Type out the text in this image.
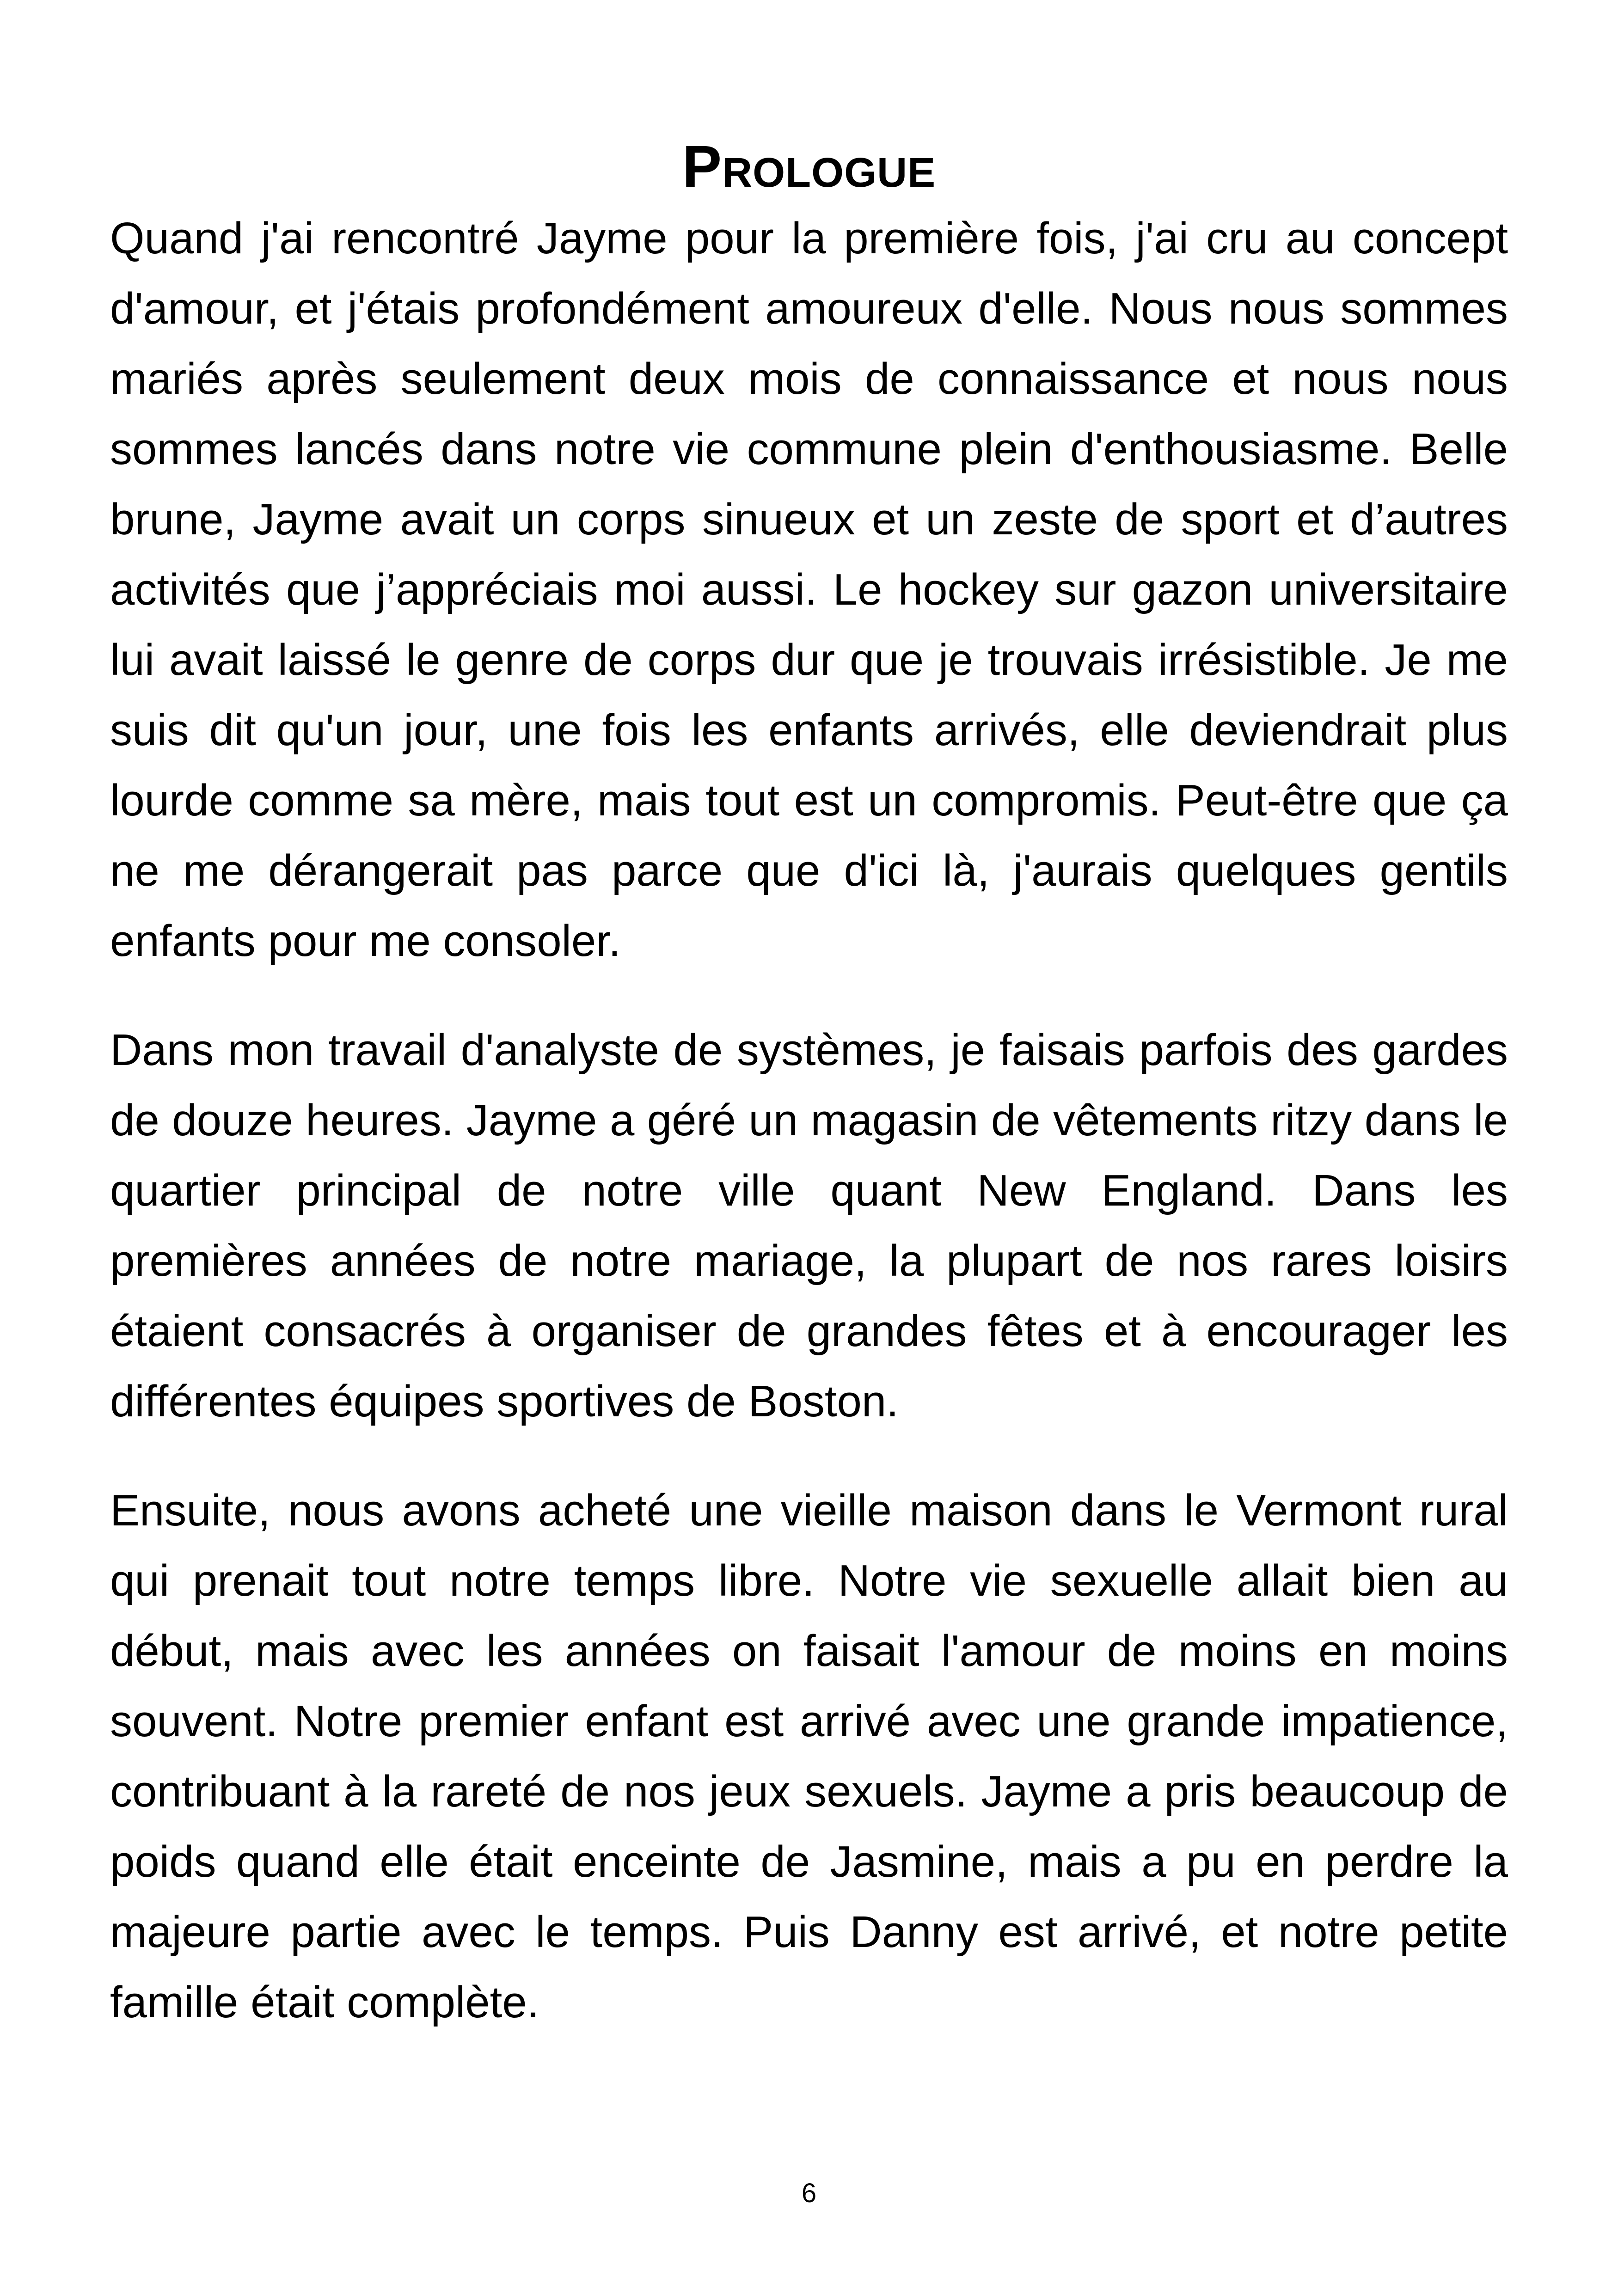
Prologue

Quand j'ai rencontré Jayme pour la première fois, j'ai cru au concept d'amour, et j'étais profondément amoureux d'elle. Nous nous sommes mariés après seulement deux mois de connaissance et nous nous sommes lancés dans notre vie commune plein d'enthousiasme. Belle brune, Jayme avait un corps sinueux et un zeste de sport et d’autres activités que j’appréciais moi aussi. Le hockey sur gazon universitaire lui avait laissé le genre de corps dur que je trouvais irrésistible. Je me suis dit qu'un jour, une fois les enfants arrivés, elle deviendrait plus lourde comme sa mère, mais tout est un compromis. Peut-être que ça ne me dérangerait pas parce que d'ici là, j'aurais quelques gentils enfants pour me consoler.

Dans mon travail d'analyste de systèmes, je faisais parfois des gardes de douze heures. Jayme a géré un magasin de vêtements ritzy dans le quartier principal de notre ville quant New England. Dans les premières années de notre mariage, la plupart de nos rares loisirs étaient consacrés à organiser de grandes fêtes et à encourager les différentes équipes sportives de Boston.

Ensuite, nous avons acheté une vieille maison dans le Vermont rural qui prenait tout notre temps libre. Notre vie sexuelle allait bien au début, mais avec les années on faisait l'amour de moins en moins souvent. Notre premier enfant est arrivé avec une grande impatience, contribuant à la rareté de nos jeux sexuels. Jayme a pris beaucoup de poids quand elle était enceinte de Jasmine, mais a pu en perdre la majeure partie avec le temps. Puis Danny est arrivé, et notre petite famille était complète.

6
